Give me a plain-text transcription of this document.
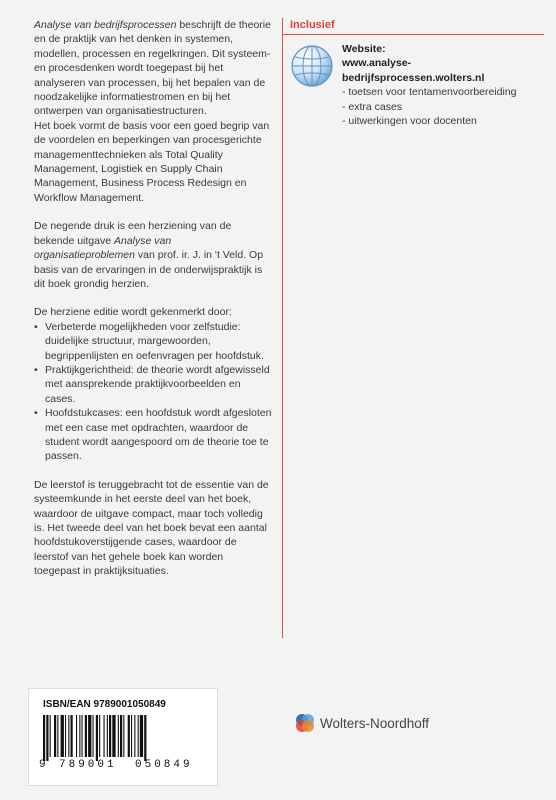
Analyse van bedrijfsprocessen beschrijft de theorie en de praktijk van het denken in systemen, modellen, processen en regelkringen. Dit systeem- en procesdenken wordt toegepast bij het analyseren van processen, bij het bepalen van de noodzakelijke informatiestromen en bij het ontwerpen van organisatiestructuren.

Het boek vormt de basis voor een goed begrip van de voordelen en beperkingen van procesgerichte managementtechnieken als Total Quality Management, Logistiek en Supply Chain Management, Business Process Redesign en Workflow Management.

De negende druk is een herziening van de bekende uitgave Analyse van organisatieproblemen van prof. ir. J. in 't Veld. Op basis van de ervaringen in de onderwijspraktijk is dit boek grondig herzien.

De herziene editie wordt gekenmerkt door:

• Verbeterde mogelijkheden voor zelfstudie: duidelijke structuur, margewoorden, begrippenlijsten en oefenvragen per hoofdstuk.
• Praktijkgerichtheid: de theorie wordt afgewisseld met aansprekende praktijkvoorbeelden en cases.
• Hoofdstukcases: een hoofdstuk wordt afgesloten met een case met opdrachten, waardoor de student wordt aangespoord om de theorie toe te passen.

De leerstof is teruggebracht tot de essentie van de systeemkunde in het eerste deel van het boek, waardoor de uitgave compact, maar toch volledig is. Het tweede deel van het boek bevat een aantal hoofdstukoverstijgende cases, waardoor de leerstof van het gehele boek kan worden toegepast in praktijksituaties.

Inclusief
Website:
www.analyse-bedrijfsprocessen.wolters.nl
- toetsen voor tentamenvoorbereiding
- extra cases
- uitwerkingen voor docenten
ISBN/EAN 9789001050849
9 789001 050849
Wolters-Noordhoff
